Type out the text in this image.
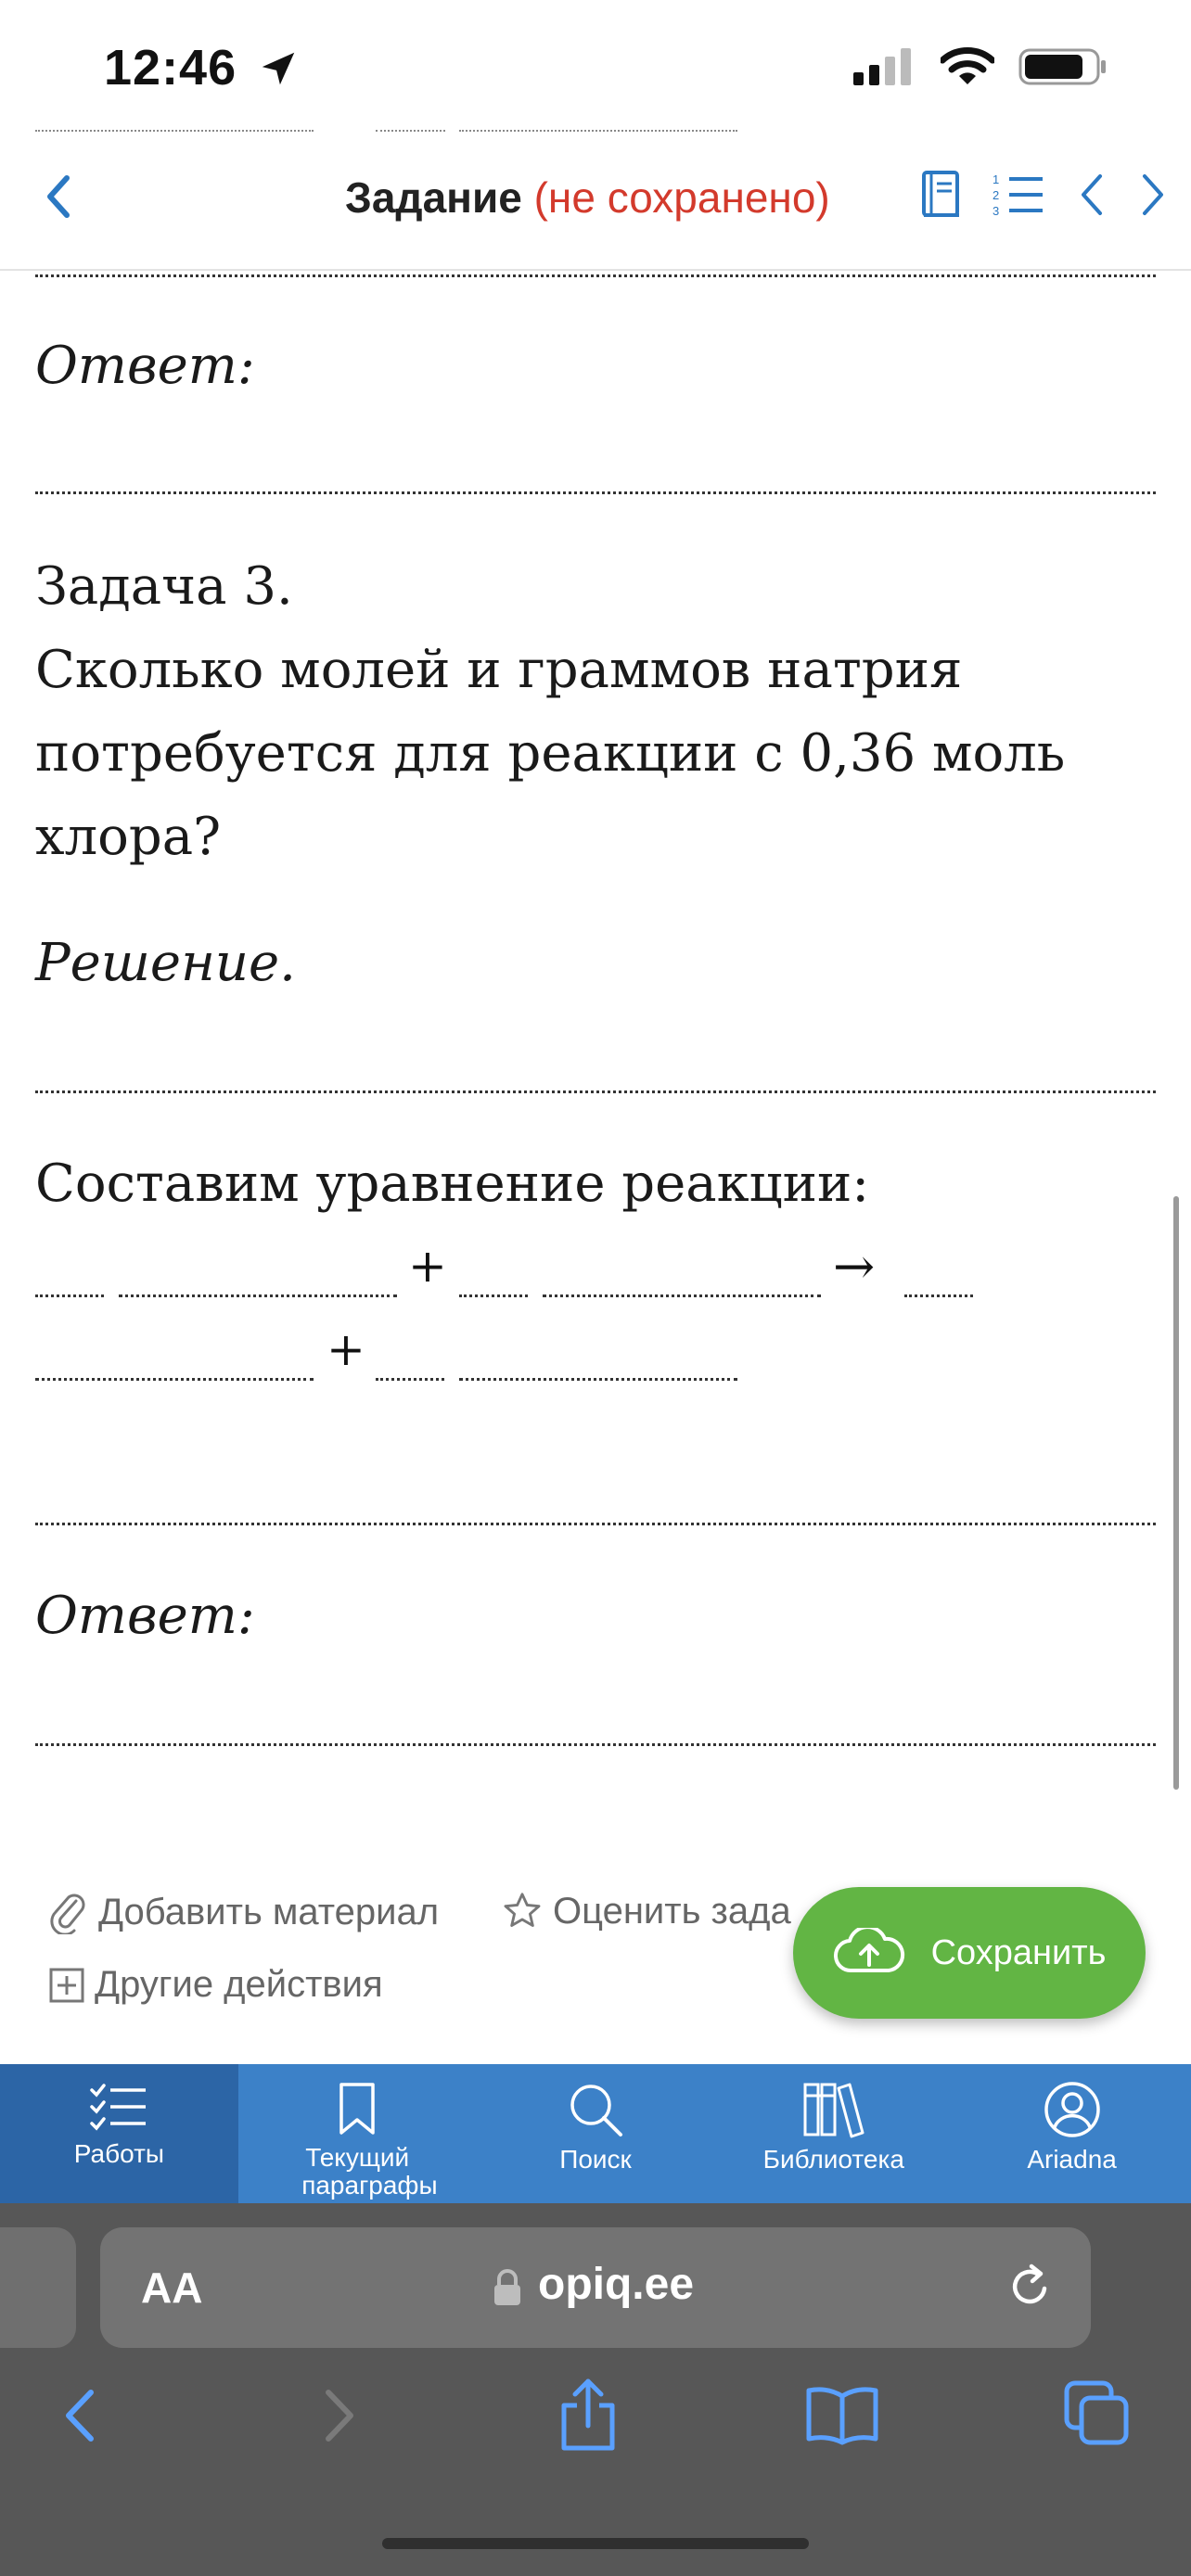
12:46
Задание (не сохранено)	1
2
3
Ответ:
Задача 3.
Сколько молей и граммов натрия
потребуется для реакции с 0,36 моль
хлора?
Решение.
Составим уравнение реакции:
+	→
+
Ответ:
Добавить материал	Оценить зада
Другие действия
Сохранить
Работы	Текущий параграфы
Поиск	Библиотека	Ariadna
AA	opiq.ee
